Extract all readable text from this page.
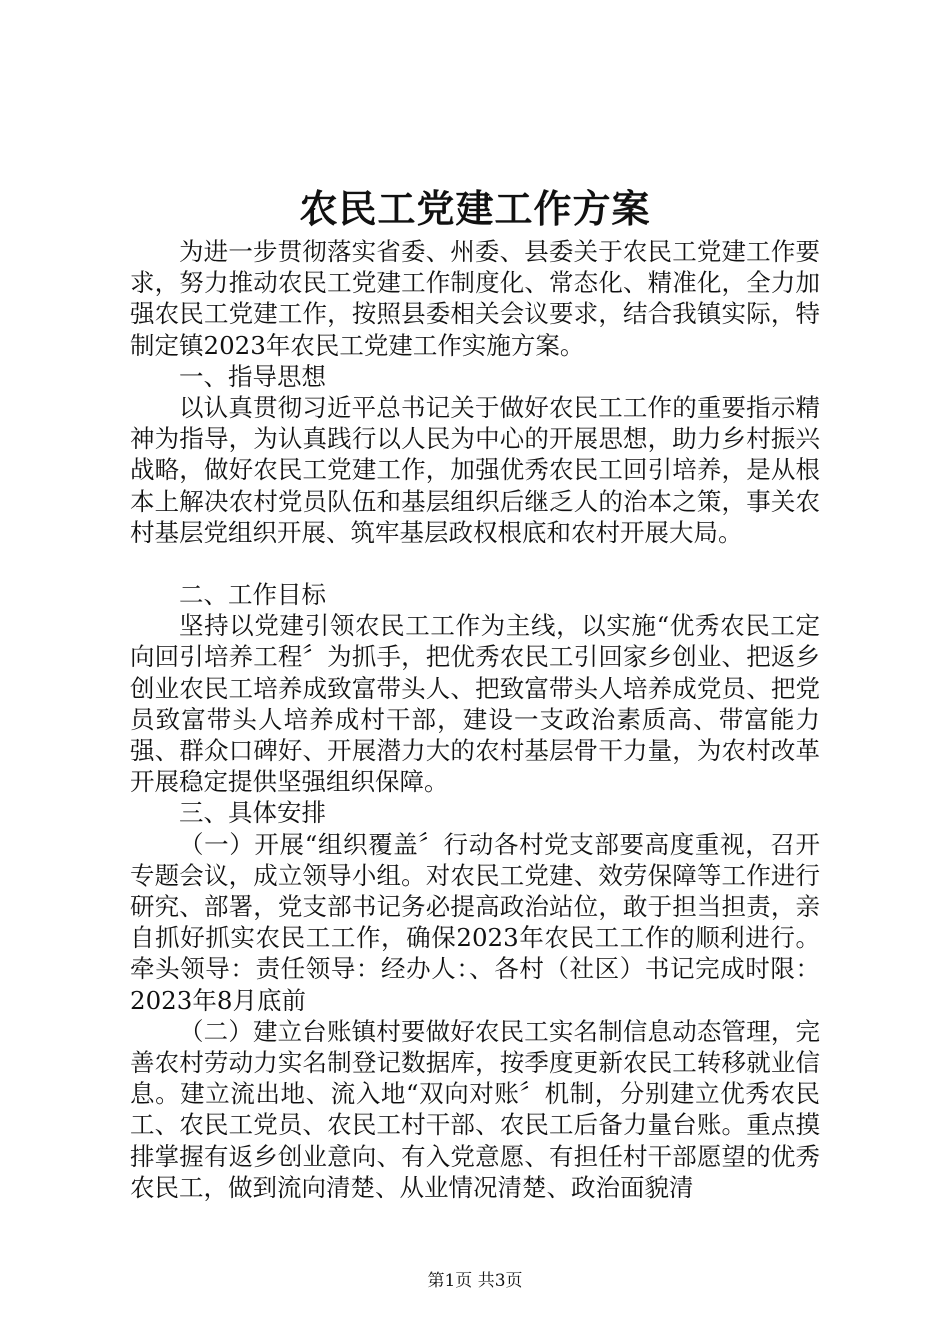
农民工党建工作方案

为进一步贯彻落实省委、州委、县委关于农民工党建工作要求，努力推动农民工党建工作制度化、常态化、精准化，全力加强农民工党建工作，按照县委相关会议要求，结合我镇实际，特制定镇2023年农民工党建工作实施方案。

一、指导思想

以认真贯彻习近平总书记关于做好农民工工作的重要指示精神为指导，为认真践行以人民为中心的开展思想，助力乡村振兴战略，做好农民工党建工作，加强优秀农民工回引培养，是从根本上解决农村党员队伍和基层组织后继乏人的治本之策，事关农村基层党组织开展、筑牢基层政权根底和农村开展大局。

二、工作目标

坚持以党建引领农民工工作为主线，以实施“优秀农民工定向回引培养工程〞为抓手，把优秀农民工引回家乡创业、把返乡创业农民工培养成致富带头人、把致富带头人培养成党员、把党员致富带头人培养成村干部，建设一支政治素质高、带富能力强、群众口碑好、开展潜力大的农村基层骨干力量，为农村改革开展稳定提供坚强组织保障。

三、具体安排

（一）开展“组织覆盖〞行动各村党支部要高度重视，召开专题会议，成立领导小组。对农民工党建、效劳保障等工作进行研究、部署，党支部书记务必提高政治站位，敢于担当担责，亲自抓好抓实农民工工作，确保2023年农民工工作的顺利进行。牵头领导：责任领导：经办人：、各村（社区）书记完成时限：2023年8月底前

（二）建立台账镇村要做好农民工实名制信息动态管理，完善农村劳动力实名制登记数据库，按季度更新农民工转移就业信息。建立流出地、流入地“双向对账〞机制，分别建立优秀农民工、农民工党员、农民工村干部、农民工后备力量台账。重点摸排掌握有返乡创业意向、有入党意愿、有担任村干部愿望的优秀农民工，做到流向清楚、从业情况清楚、政治面貌清

第1页 共3页
